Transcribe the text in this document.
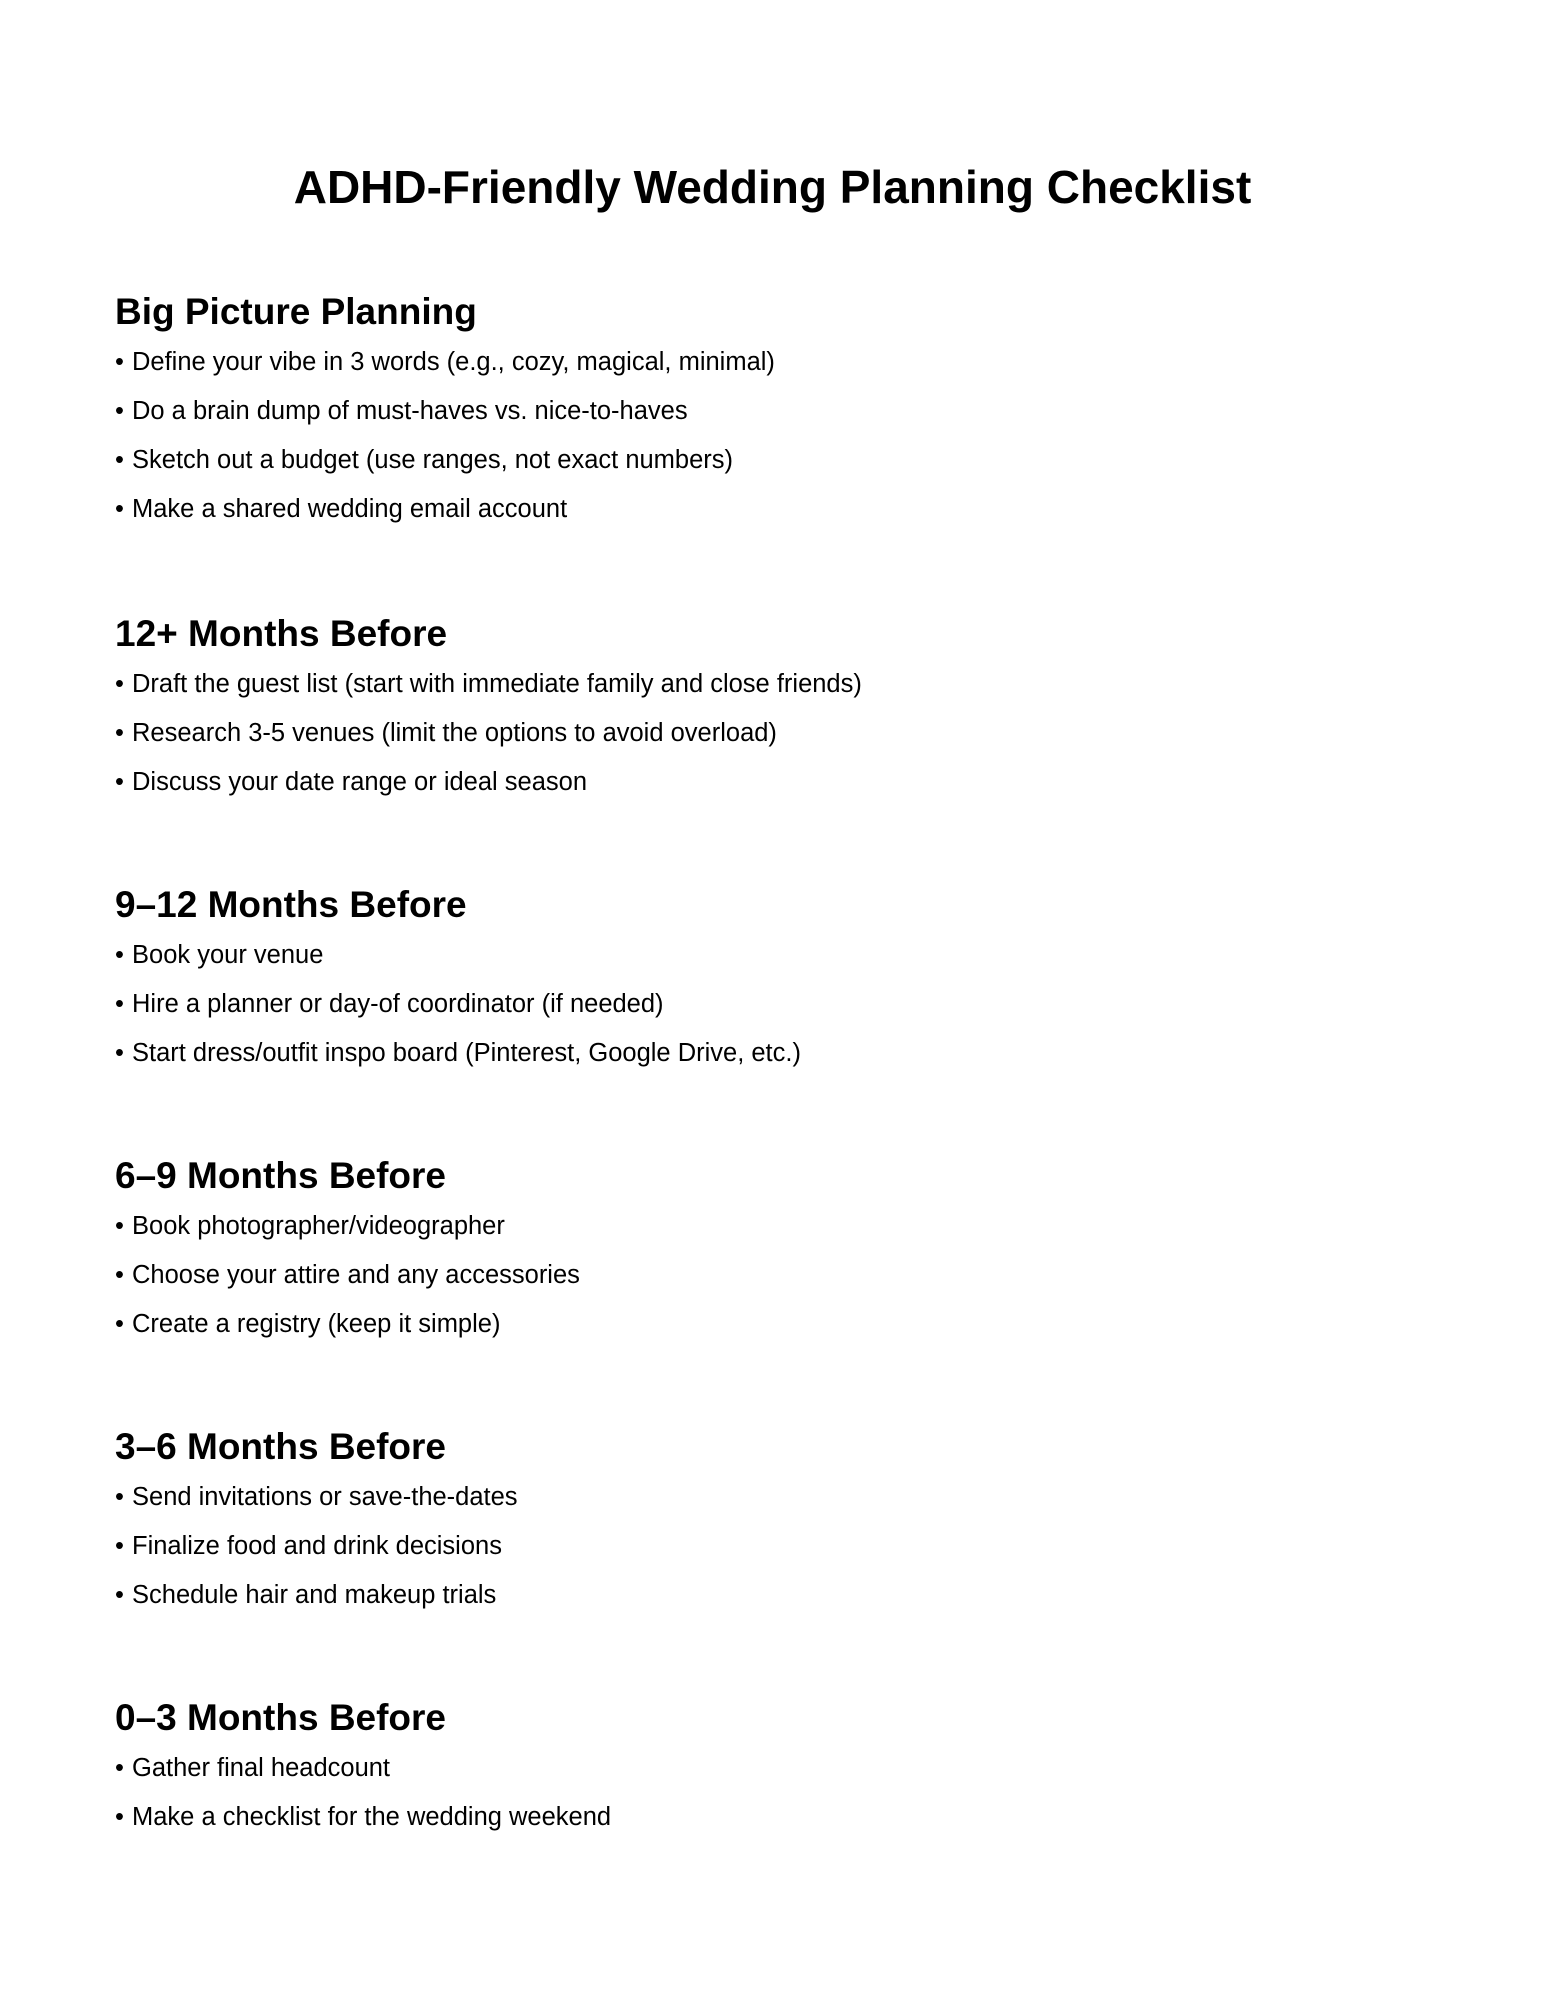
ADHD-Friendly Wedding Planning Checklist
Big Picture Planning
• Define your vibe in 3 words (e.g., cozy, magical, minimal)
• Do a brain dump of must-haves vs. nice-to-haves
• Sketch out a budget (use ranges, not exact numbers)
• Make a shared wedding email account
12+ Months Before
• Draft the guest list (start with immediate family and close friends)
• Research 3-5 venues (limit the options to avoid overload)
• Discuss your date range or ideal season
9–12 Months Before
• Book your venue
• Hire a planner or day-of coordinator (if needed)
• Start dress/outfit inspo board (Pinterest, Google Drive, etc.)
6–9 Months Before
• Book photographer/videographer
• Choose your attire and any accessories
• Create a registry (keep it simple)
3–6 Months Before
• Send invitations or save-the-dates
• Finalize food and drink decisions
• Schedule hair and makeup trials
0–3 Months Before
• Gather final headcount
• Make a checklist for the wedding weekend
